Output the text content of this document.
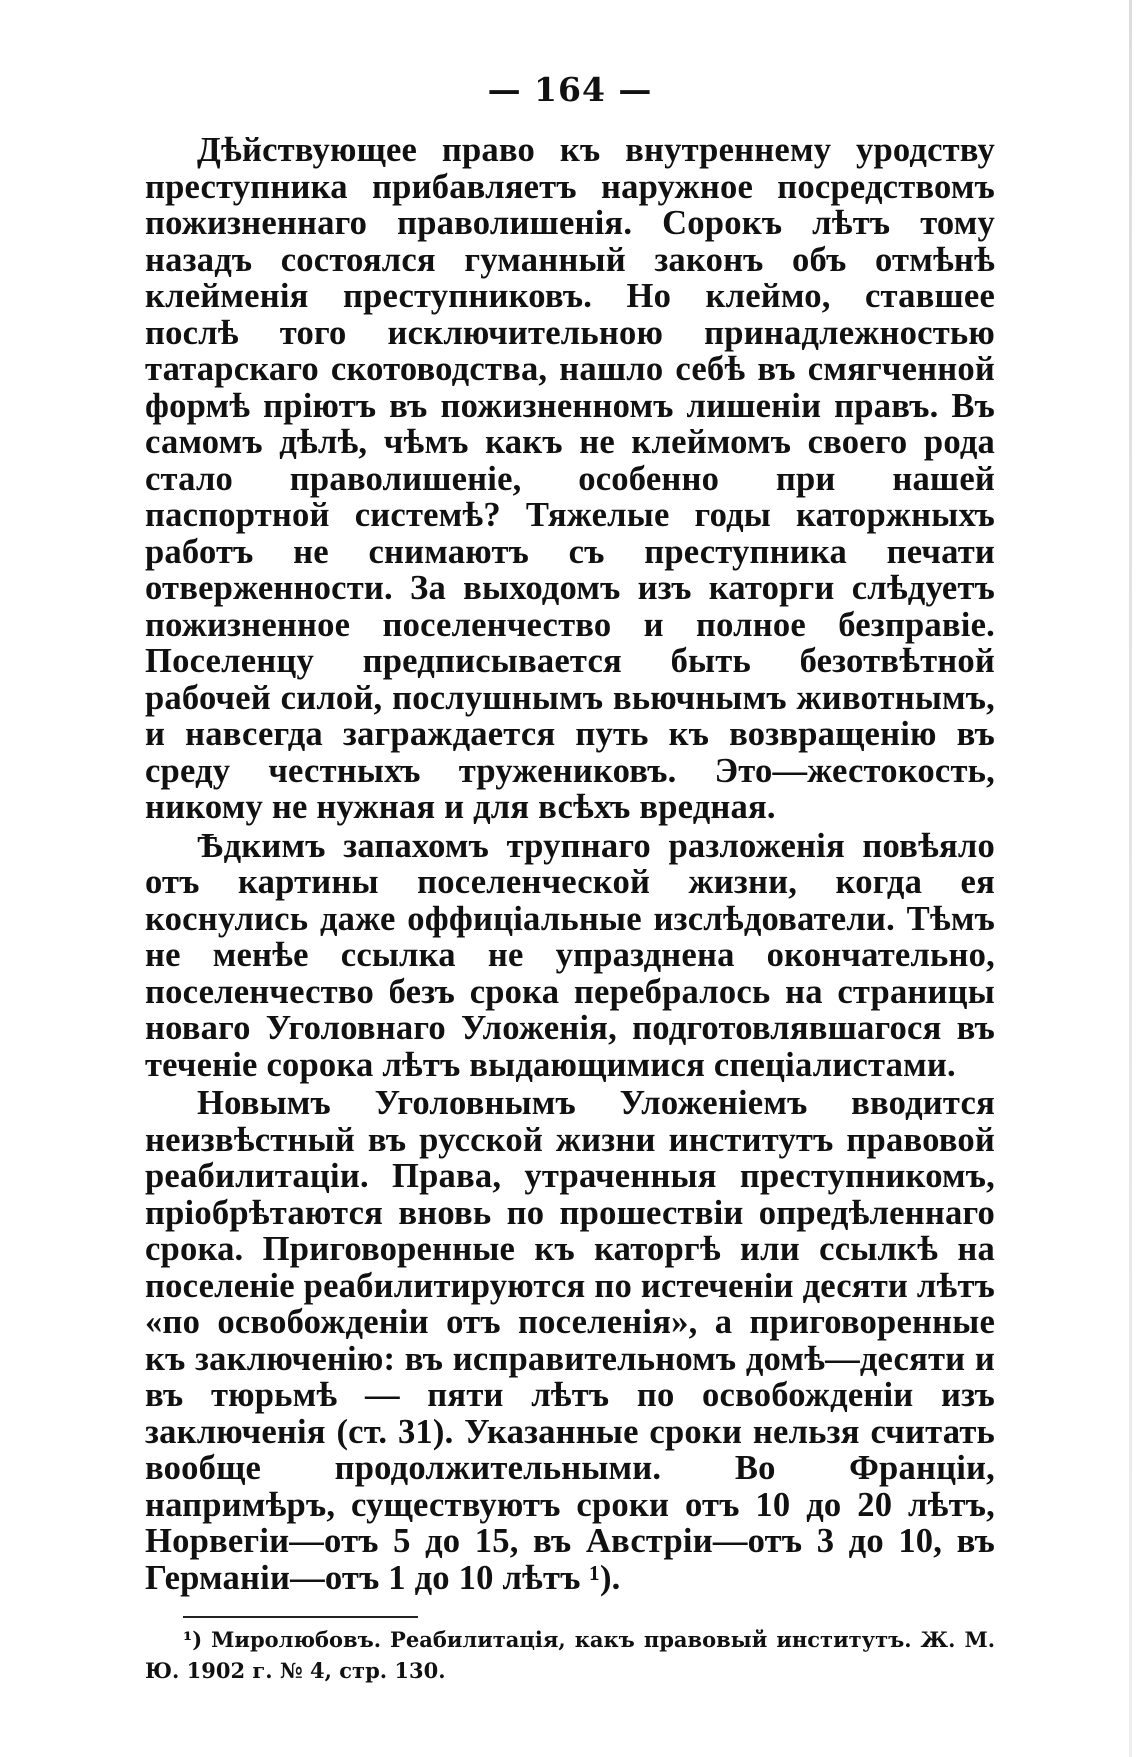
— 164 —

Дѣйствующее право къ внутреннему уродству преступника прибавляетъ наружное посредствомъ пожизненнаго праволишенія. Сорокъ лѣтъ тому назадъ состоялся гуманный законъ объ отмѣнѣ клейменія преступниковъ. Но клеймо, ставшее послѣ того исключительною принадлежностью татарскаго скотоводства, нашло себѣ въ смягченной формѣ пріютъ въ пожизненномъ лишеніи правъ. Въ самомъ дѣлѣ, чѣмъ какъ не клеймомъ своего рода стало праволишеніе, особенно при нашей паспортной системѣ? Тяжелые годы каторжныхъ работъ не снимаютъ съ преступника печати отверженности. За выходомъ изъ каторги слѣдуетъ пожизненное поселенчество и полное безправіе. Поселенцу предписывается быть безотвѣтной рабочей силой, послушнымъ вьючнымъ животнымъ, и навсегда заграждается путь къ возвращенію въ среду честныхъ тружениковъ. Это—жестокость, никому не нужная и для всѣхъ вредная.

Ѣдкимъ запахомъ трупнаго разложенія повѣяло отъ картины поселенческой жизни, когда ея коснулись даже оффиціальные изслѣдователи. Тѣмъ не менѣе ссылка не упразднена окончательно, поселенчество безъ срока перебралось на страницы новаго Уголовнаго Уложенія, подготовлявшагося въ теченіе сорока лѣтъ выдающимися спеціалистами.

Новымъ Уголовнымъ Уложеніемъ вводится неизвѣстный въ русской жизни институтъ правовой реабилитаціи. Права, утраченныя преступникомъ, пріобрѣтаются вновь по прошествіи опредѣленнаго срока. Приговоренные къ каторгѣ или ссылкѣ на поселеніе реабилитируются по истеченіи десяти лѣтъ «по освобожденіи отъ поселенія», а приговоренные къ заключенію: въ исправительномъ домѣ—десяти и въ тюрьмѣ — пяти лѣтъ по освобожденіи изъ заключенія (ст. 31). Указанные сроки нельзя считать вообще продолжительными. Во Франціи, напримѣръ, существуютъ сроки отъ 10 до 20 лѣтъ, Норвегіи—отъ 5 до 15, въ Австріи—отъ 3 до 10, въ Германіи—отъ 1 до 10 лѣтъ ¹).

¹) Миролюбовъ. Реабилитація, какъ правовый институтъ. Ж. М. Ю. 1902 г. № 4, стр. 130.
